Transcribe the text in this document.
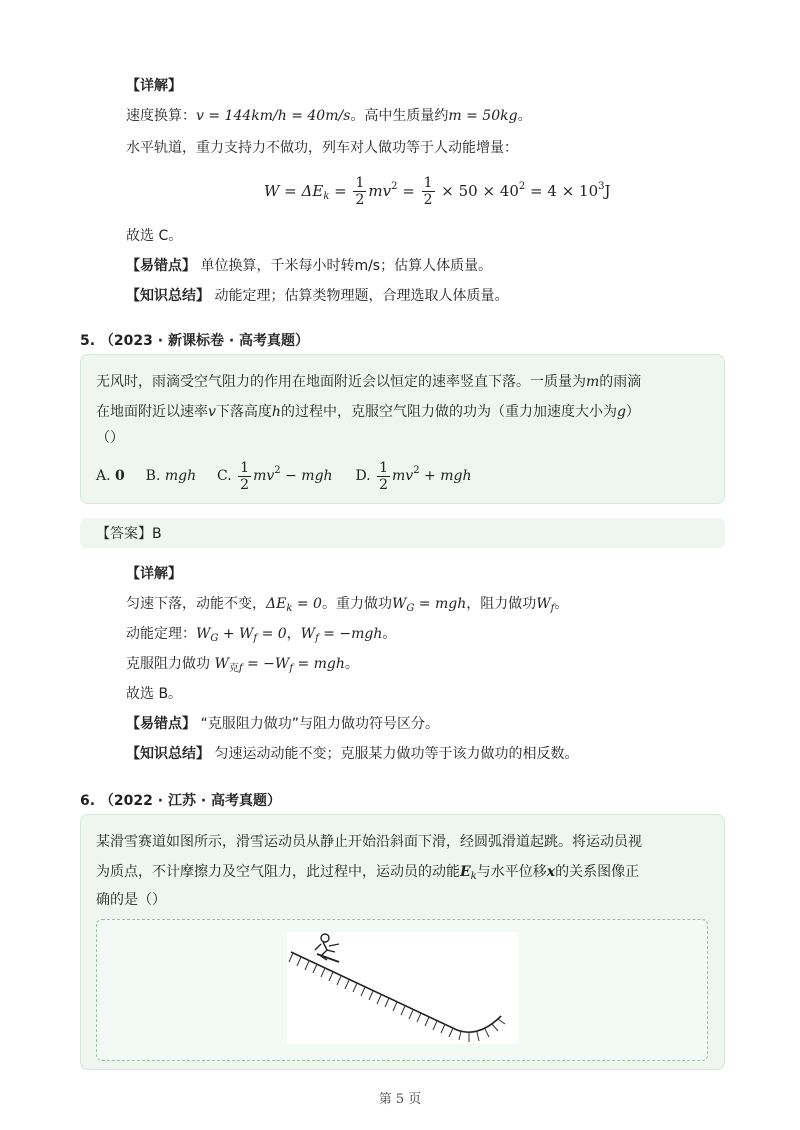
【详解】
速度换算：v = 144km/h = 40m/s。高中生质量约m = 50kg。
水平轨道，重力支持力不做功，列车对人做功等于人动能增量：
$W = \Delta E_k = \frac{1}{2} mv^2 = \frac{1}{2} \times 50 \times 40^2 = 4 \times 10^3J$
故选 C。
【易错点】 单位换算，千米每小时转m/s；估算人体质量。
【知识总结】 动能定理；估算类物理题，合理选取人体质量。
5. （2023 · 新课标卷 · 高考真题）
无风时，雨滴受空气阻力的作用在地面附近会以恒定的速率竖直下落。一质量为m的雨滴
在地面附近以速率v下落高度h的过程中，克服空气阻力做的功为（重力加速度大小为g）
（）
A. 0 B. mgh C. $\frac{1}{2} mv^2$ − mgh D. $\frac{1}{2} mv^2$ + mgh
【答案】B
【详解】
匀速下落，动能不变，$\Delta E_k = 0$。重力做功$W_G$ = mgh，阻力做功$W_f$。
动能定理：$W_G + W_f = 0$，$W_f = -mgh$。
克服阻力做功 $W_{克f} = -W_f$ = mgh。
故选 B。
【易错点】 “克服阻力做功”与阻力做功符号区分。
【知识总结】 匀速运动动能不变；克服某力做功等于该力做功的相反数。
6. （2022 · 江苏 · 高考真题）
某滑雪赛道如图所示，滑雪运动员从静止开始沿斜面下滑，经圆弧滑道起跳。将运动员视
为质点，不计摩擦力及空气阻力，此过程中，运动员的动能$E_k$与水平位移x的关系图像正
确的是（）
第 5 页
